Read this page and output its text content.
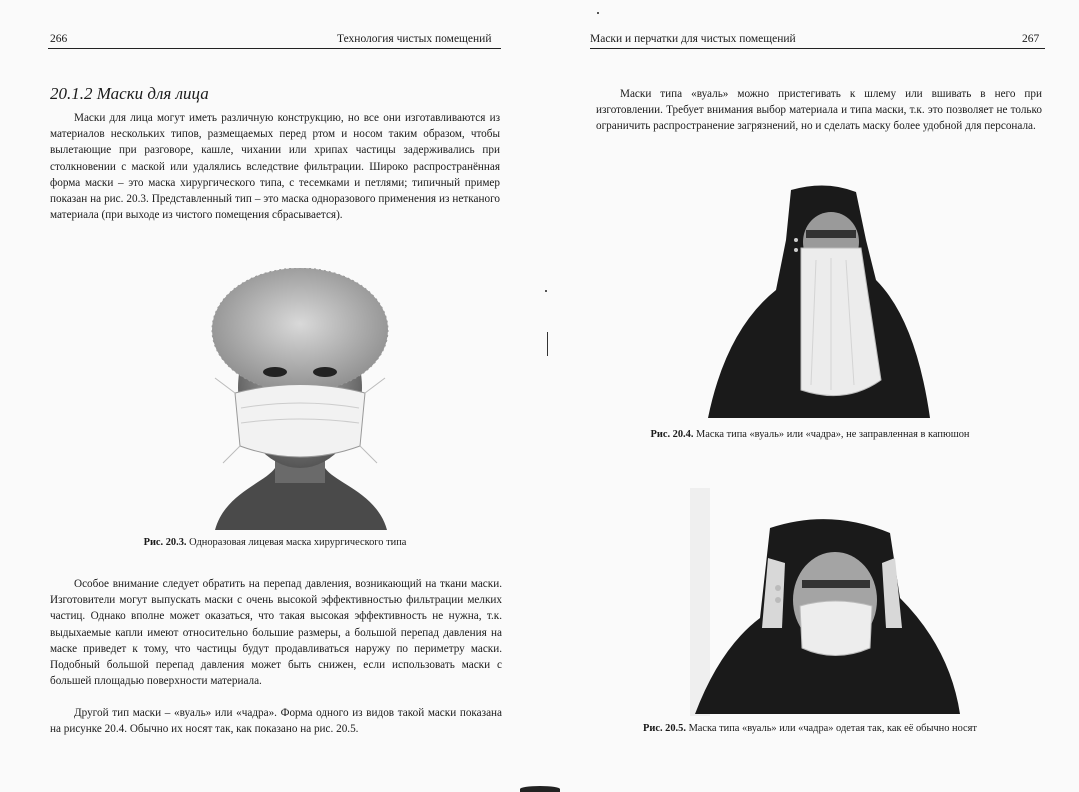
266	Технология чистых помещений
20.1.2 Маски для лица

Маски для лица могут иметь различную конструкцию, но все они изготавливаются из материалов нескольких типов, размещаемых перед ртом и носом таким образом, чтобы вылетающие при разговоре, кашле, чихании или хрипах частицы задерживались при столкновении с маской или удалялись вследствие фильтрации. Широко распространённая форма маски – это маска хирургического типа, с тесемками и петлями; типичный пример показан на рис. 20.3. Представленный тип – это маска одноразового применения из нетканого материала (при выходе из чистого помещения сбрасывается).

Рис. 20.3. Одноразовая лицевая маска хирургического типа

Особое внимание следует обратить на перепад давления, возникающий на ткани маски. Изготовители могут выпускать маски с очень высокой эффективностью фильтрации мелких частиц. Однако вполне может оказаться, что такая высокая эффективность не нужна, т.к. выдыхаемые капли имеют относительно большие размеры, а большой перепад давления на маске приведет к тому, что частицы будут продавливаться наружу по периметру маски. Подобный большой перепад давления может быть снижен, если использовать маски с большей площадью поверхности материала.

Другой тип маски – «вуаль» или «чадра». Форма одного из видов такой маски показана на рисунке 20.4. Обычно их носят так, как показано на рис. 20.5.

Маски и перчатки для чистых помещений	267

Маски типа «вуаль» можно пристегивать к шлему или вшивать в него при изготовлении. Требует внимания выбор материала и типа маски, т.к. это позволяет не только ограничить распространение загрязнений, но и сделать маску более удобной для персонала.

Рис. 20.4. Маска типа «вуаль» или «чадра», не заправленная в капюшон
Рис. 20.5. Маска типа «вуаль» или «чадра» одетая так, как её обычно носят
